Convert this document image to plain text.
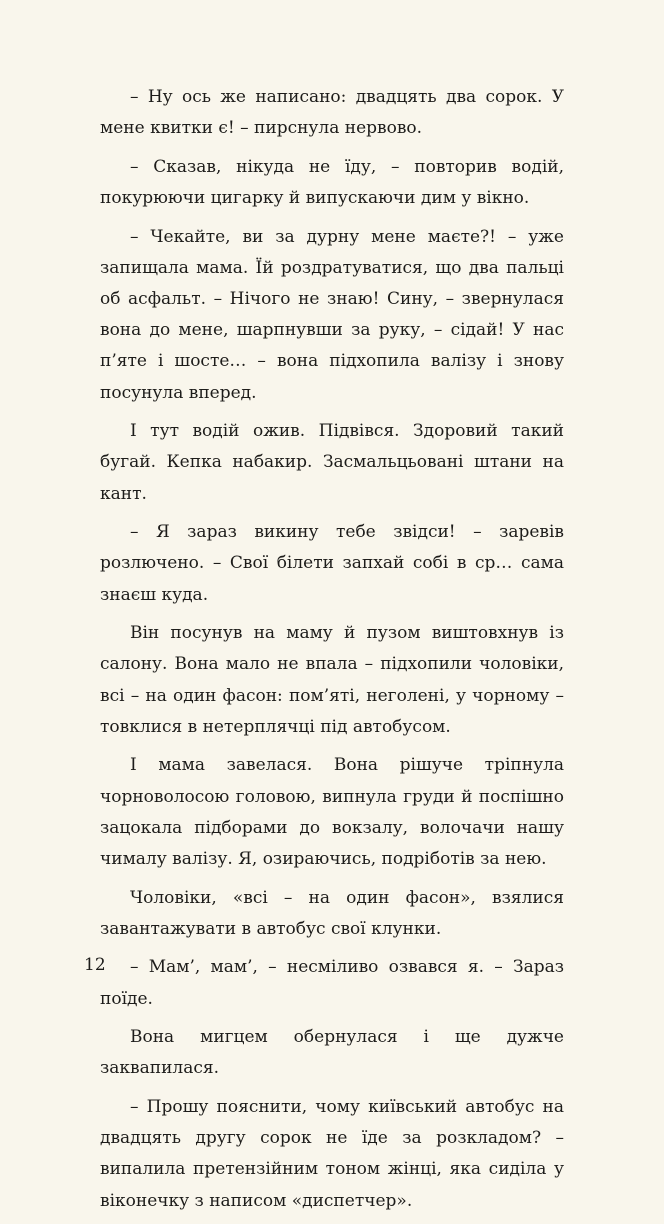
– Ну ось же написано: двадцять два сорок. У мене квитки є! – пирснула нервово.

– Сказав, нікуда не їду, – повторив водій, покурюючи цигарку й випускаючи дим у вікно.

– Чекайте, ви за дурну мене маєте?! – уже запищала мама. Їй роздратуватися, що два пальці об асфальт. – Нічого не знаю! Сину, – звернулася вона до мене, шарпнувши за руку, – сідай! У нас п’яте і шосте… – вона підхопила валізу і знову посунула вперед.

І тут водій ожив. Підвівся. Здоровий такий бугай. Кепка набакир. Засмальцьовані штани на кант.

– Я зараз викину тебе звідси! – заревів розлючено. – Свої білети запхай собі в ср… сама знаєш куда.

Він посунув на маму й пузом виштовхнув із салону. Вона мало не впала – підхопили чоловіки, всі – на один фасон: пом’яті, неголені, у чорному – товклися в нетерплячці під автобусом.

І мама завелася. Вона рішуче тріпнула чорноволосою головою, випнула груди й поспішно зацокала підборами до вокзалу, волочачи нашу чималу валізу. Я, озираючись, подріботів за нею.

Чоловіки, «всі – на один фасон», взялися завантажувати в автобус свої клунки.

– Мам’, мам’, – несміливо озвався я. – Зараз поїде.

Вона мигцем обернулася і ще дужче заквапилася.

– Прошу пояснити, чому київський автобус на двадцять другу сорок не їде за розкладом? – випалила претензійним тоном жінці, яка сиділа у віконечку з написом «диспетчер».

12
